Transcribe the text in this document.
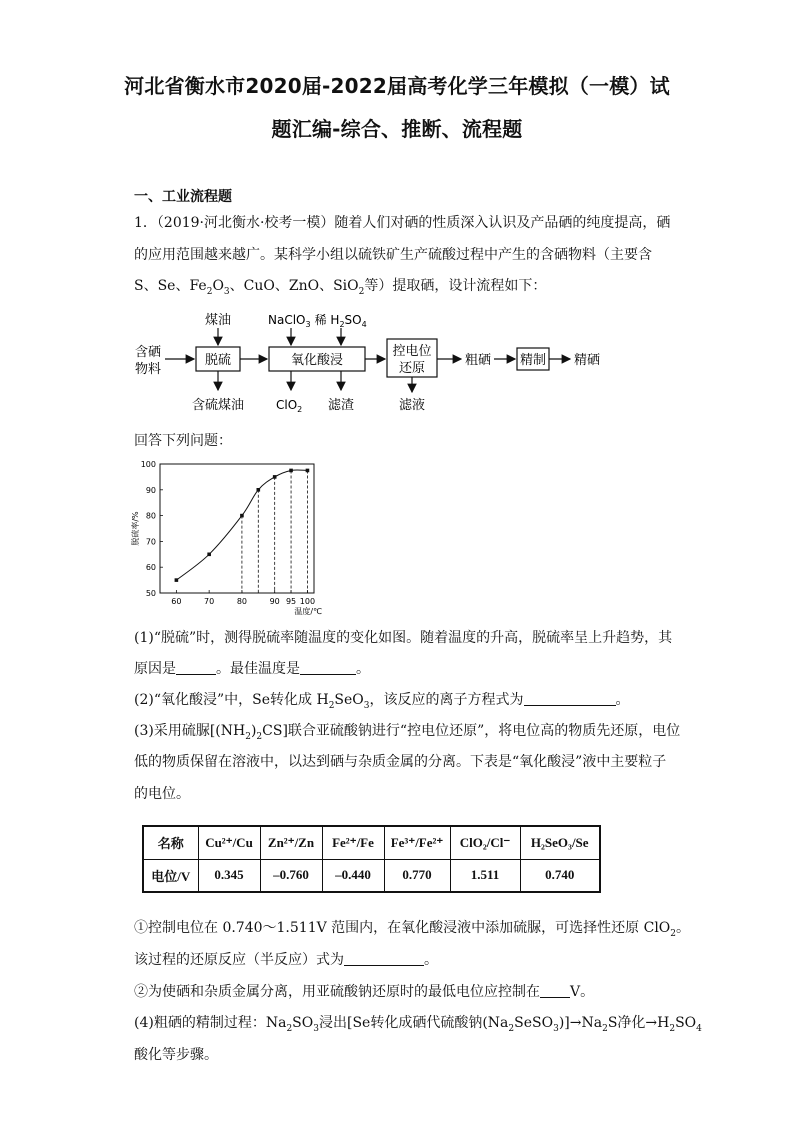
河北省衡水市2020届-2022届高考化学三年模拟（一模）试
题汇编-综合、推断、流程题
一、工业流程题
1．（2019·河北衡水·校考一模）随着人们对硒的性质深入认识及产品硒的纯度提高，硒
的应用范围越来越广。某科学小组以硫铁矿生产硫酸过程中产生的含硒物料（主要含
S、Se、$Fe_2O_3$、CuO、ZnO、SiO$_2$等）提取硒，设计流程如下：
含硒
物料
脱硫
煤油
含硫煤油
氧化酸浸
NaClO$_3$ 稀 $H_2SO_4$
ClO$_2$ 滤渣
控电位
还原
滤液
粗硒 精制 精硒
回答下列问题：
脱硫率/%
温度/℃
50
60
70
80
90
100
60	70	80	90 95 100
(1)“脱硫”时，测得脱硫率随温度的变化如图。随着温度的升高，脱硫率呈上升趋势，其
原因是	。最佳温度是	。
(2)“氧化酸浸”中，Se转化成 $H_2SeO_3$，该反应的离子方程式为	。
(3)采用硫脲$[(NH_2)_2CS]$联合亚硫酸钠进行“控电位还原”，将电位高的物质先还原，电位
低的物质保留在溶液中，以达到硒与杂质金属的分离。下表是“氧化酸浸”液中主要粒子
的电位。
名称	Cu²⁺/Cu	Zn²⁺/Zn	Fe²⁺/Fe	Fe³⁺/Fe²⁺	ClO₂/Cl⁻	H₂SeO₃/Se
电位/V	0.345	–0.760	–0.440	0.770	1.511	0.740
①控制电位在 0.740～1.511V 范围内，在氧化酸浸液中添加硫脲，可选择性还原 ClO$_2$。
该过程的还原反应（半反应）式为	。
②为使硒和杂质金属分离，用亚硫酸钠还原时的最低电位应控制在 V。
(4)粗硒的精制过程：$Na_2SO_3$浸出[Se转化成硒代硫酸钠$(Na_2SeSO_3)]\to Na_2S$净化$\to H_2SO_4$
酸化等步骤。
